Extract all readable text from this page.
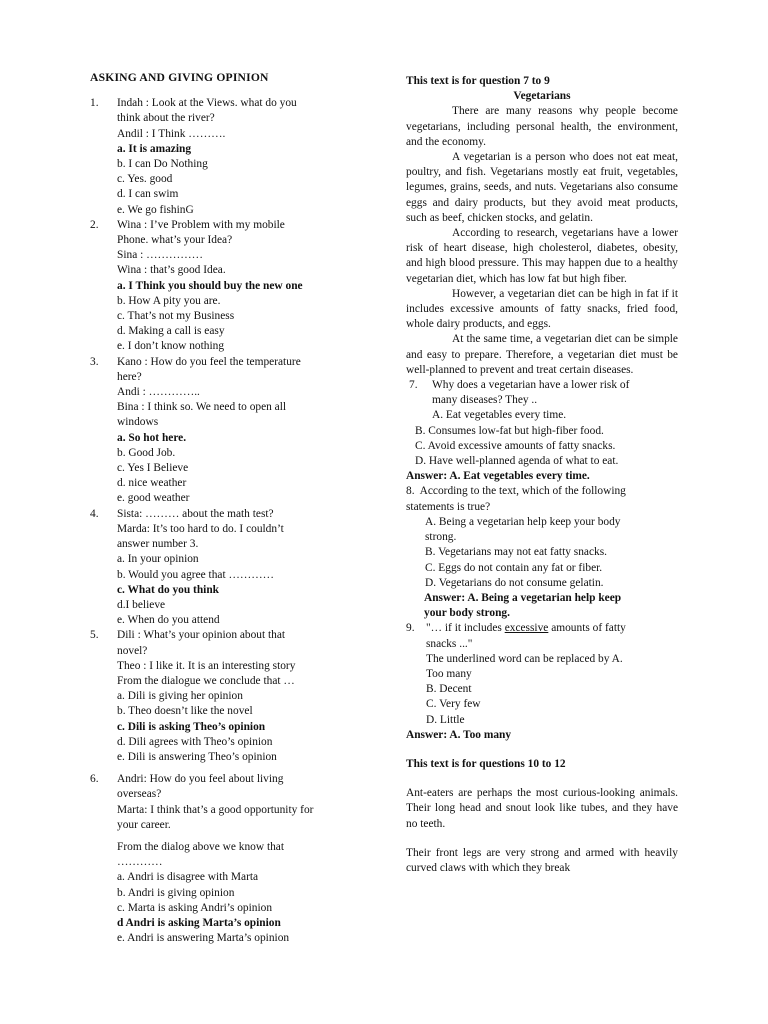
ASKING AND GIVING OPINION
1. Indah : Look at the Views. what do you
think about the river?
Andil : I Think ……….
a. It is amazing
b. I can Do Nothing
c. Yes. good
d. I can swim
e. We go fishinG
2. Wina : I’ve Problem with my mobile
Phone. what’s your Idea?
Sina : ……………
Wina : that’s good Idea.
a. I Think you should buy the new one
b. How A pity you are.
c. That’s not my Business
d. Making a call is easy
e. I don’t know nothing
3. Kano : How do you feel the temperature
here?
Andi : …………..
Bina : I think so. We need to open all
windows
a. So hot here.
b. Good Job.
c. Yes I Believe
d. nice weather
e. good weather
4. Sista: ……… about the math test?
Marda: It’s too hard to do. I couldn’t
answer number 3.
a. In your opinion
b. Would you agree that …………
c. What do you think
d.I believe
e. When do you attend
5. Dili : What’s your opinion about that
novel?
Theo : I like it. It is an interesting story
From the dialogue we conclude that …
a. Dili is giving her opinion
b. Theo doesn’t like the novel
c. Dili is asking Theo’s opinion
d. Dili agrees with Theo’s opinion
e. Dili is answering Theo’s opinion
6. Andri: How do you feel about living
overseas?
Marta: I think that’s a good opportunity for
your career.
From the dialog above we know that
…………
a. Andri is disagree with Marta
b. Andri is giving opinion
c. Marta is asking Andri’s opinion
d Andri is asking Marta’s opinion
e. Andri is answering Marta’s opinion
This text is for question 7 to 9
Vegetarians
There are many reasons why people become vegetarians, including personal health, the environment, and the economy.
A vegetarian is a person who does not eat meat, poultry, and fish. Vegetarians mostly eat fruit, vegetables, legumes, grains, seeds, and nuts. Vegetarians also consume eggs and dairy products, but they avoid meat products, such as beef, chicken stocks, and gelatin.
According to research, vegetarians have a lower risk of heart disease, high cholesterol, diabetes, obesity, and high blood pressure. This may happen due to a healthy vegetarian diet, which has low fat but high fiber.
However, a vegetarian diet can be high in fat if it includes excessive amounts of fatty snacks, fried food, whole dairy products, and eggs.
At the same time, a vegetarian diet can be simple and easy to prepare. Therefore, a vegetarian diet must be well-planned to prevent and treat certain diseases.
7. Why does a vegetarian have a lower risk of
many diseases? They ..
A. Eat vegetables every time.
B. Consumes low-fat but high-fiber food.
C. Avoid excessive amounts of fatty snacks.
D. Have well-planned agenda of what to eat.
Answer: A. Eat vegetables every time.
8. According to the text, which of the following
statements is true?
A. Being a vegetarian help keep your body
strong.
B. Vegetarians may not eat fatty snacks.
C. Eggs do not contain any fat or fiber.
D. Vegetarians do not consume gelatin.
Answer: A. Being a vegetarian help keep
your body strong.
9. "… if it includes excessive amounts of fatty
snacks ..."
The underlined word can be replaced by A.
Too many
B. Decent
C. Very few
D. Little
Answer: A. Too many
This text is for questions 10 to 12
Ant-eaters are perhaps the most curious-looking animals. Their long head and snout look like tubes, and they have no teeth.
Their front legs are very strong and armed with heavily curved claws with which they break
